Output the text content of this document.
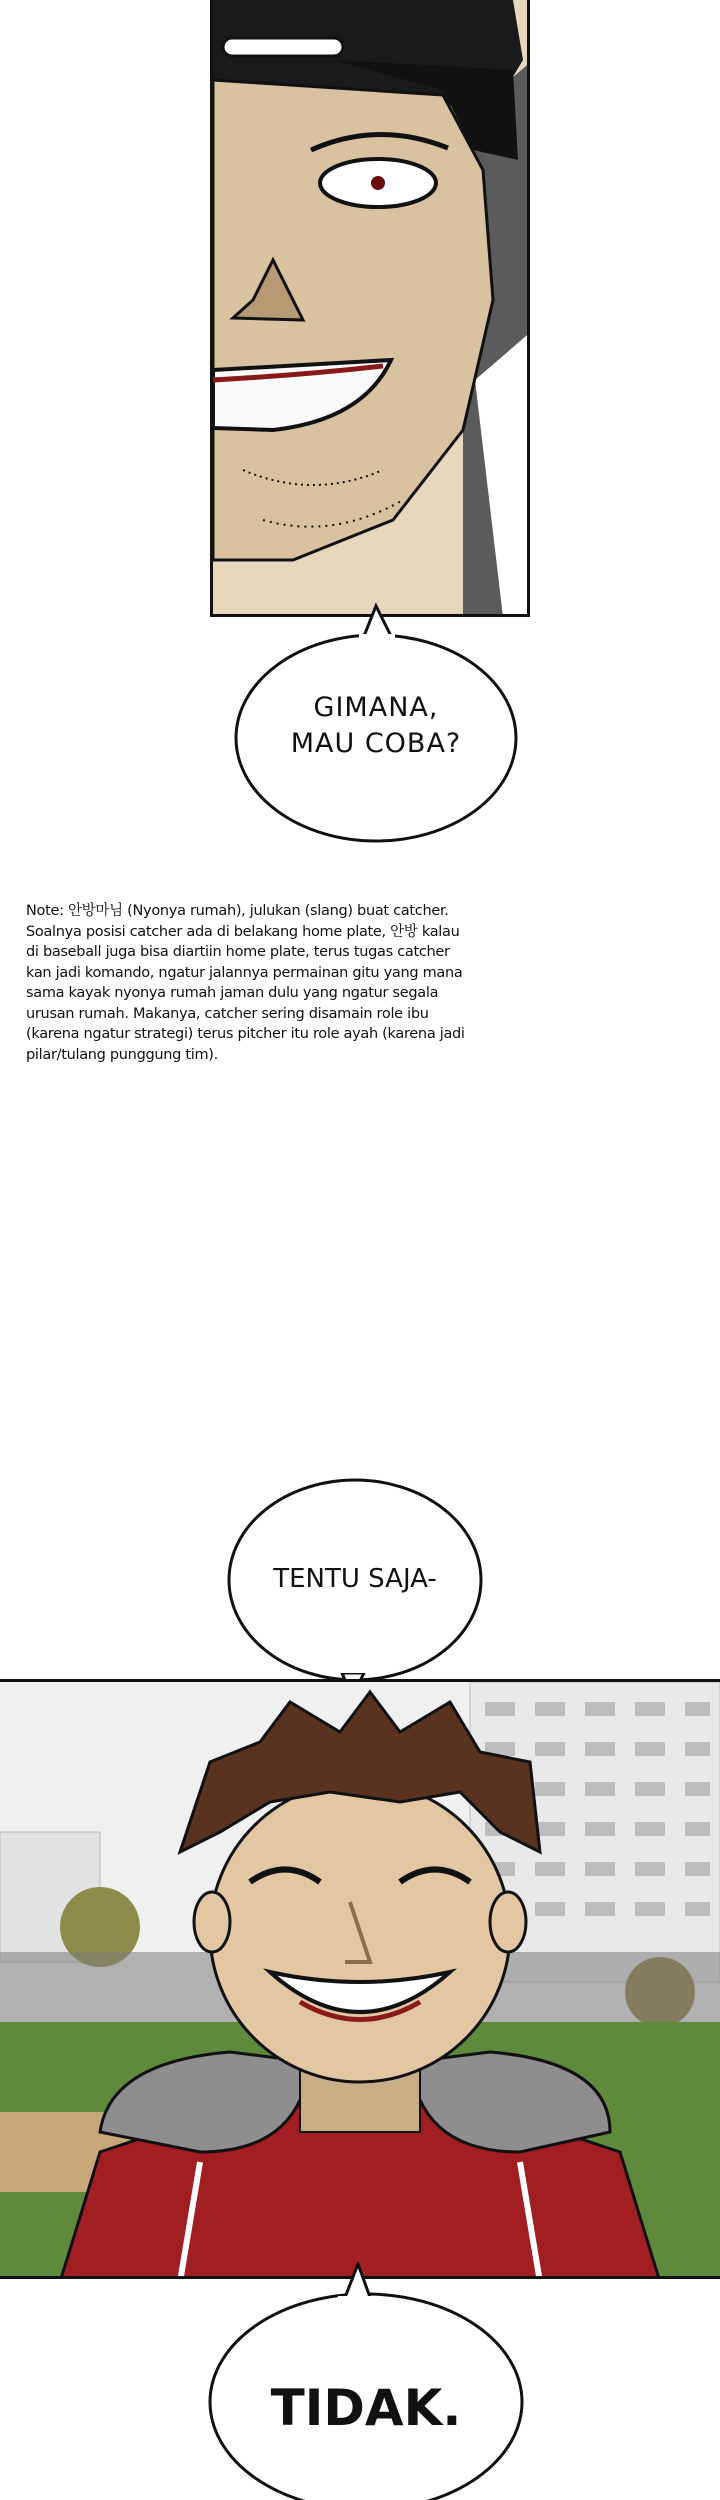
GIMANA,
MAU COBA?
Note: 안방마님 (Nyonya rumah), julukan (slang) buat catcher. Soalnya posisi catcher ada di belakang home plate, 안방 kalau di baseball juga bisa diartiin home plate, terus tugas catcher kan jadi komando, ngatur jalannya permainan gitu yang mana sama kayak nyonya rumah jaman dulu yang ngatur segala urusan rumah. Makanya, catcher sering disamain role ibu (karena ngatur strategi) terus pitcher itu role ayah (karena jadi pilar/tulang punggung tim).
TENTU SAJA-
TIDAK.
